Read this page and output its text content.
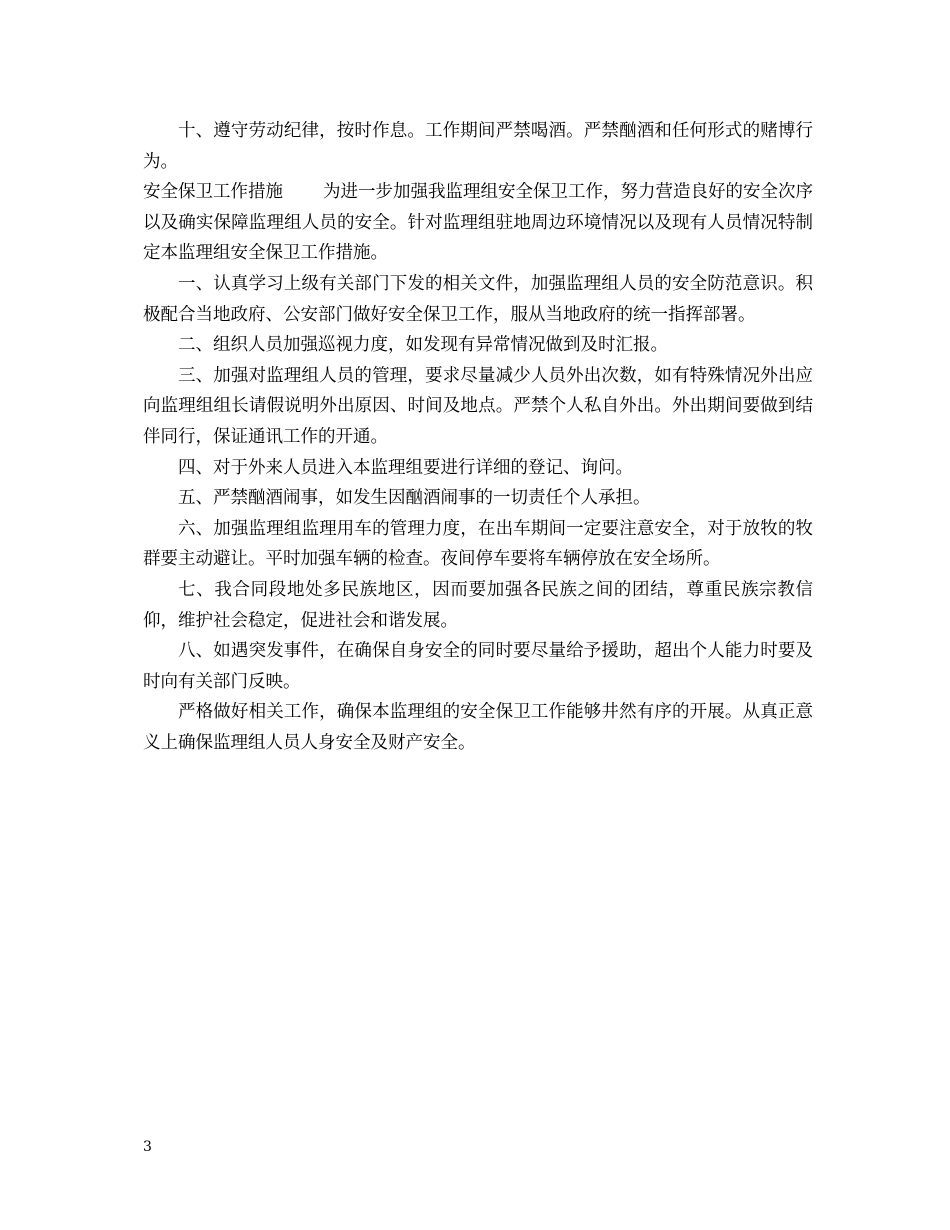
十、遵守劳动纪律，按时作息。工作期间严禁喝酒。严禁酗酒和任何形式的赌博行为。

安全保卫工作措施 为进一步加强我监理组安全保卫工作，努力营造良好的安全次序以及确实保障监理组人员的安全。针对监理组驻地周边环境情况以及现有人员情况特制定本监理组安全保卫工作措施。

一、认真学习上级有关部门下发的相关文件，加强监理组人员的安全防范意识。积极配合当地政府、公安部门做好安全保卫工作，服从当地政府的统一指挥部署。

二、组织人员加强巡视力度，如发现有异常情况做到及时汇报。

三、加强对监理组人员的管理，要求尽量减少人员外出次数，如有特殊情况外出应向监理组组长请假说明外出原因、时间及地点。严禁个人私自外出。外出期间要做到结伴同行，保证通讯工作的开通。

四、对于外来人员进入本监理组要进行详细的登记、询问。

五、严禁酗酒闹事，如发生因酗酒闹事的一切责任个人承担。

六、加强监理组监理用车的管理力度，在出车期间一定要注意安全，对于放牧的牧群要主动避让。平时加强车辆的检查。夜间停车要将车辆停放在安全场所。

七、我合同段地处多民族地区，因而要加强各民族之间的团结，尊重民族宗教信仰，维护社会稳定，促进社会和谐发展。

八、如遇突发事件，在确保自身安全的同时要尽量给予援助，超出个人能力时要及时向有关部门反映。

严格做好相关工作，确保本监理组的安全保卫工作能够井然有序的开展。从真正意义上确保监理组人员人身安全及财产安全。

3
